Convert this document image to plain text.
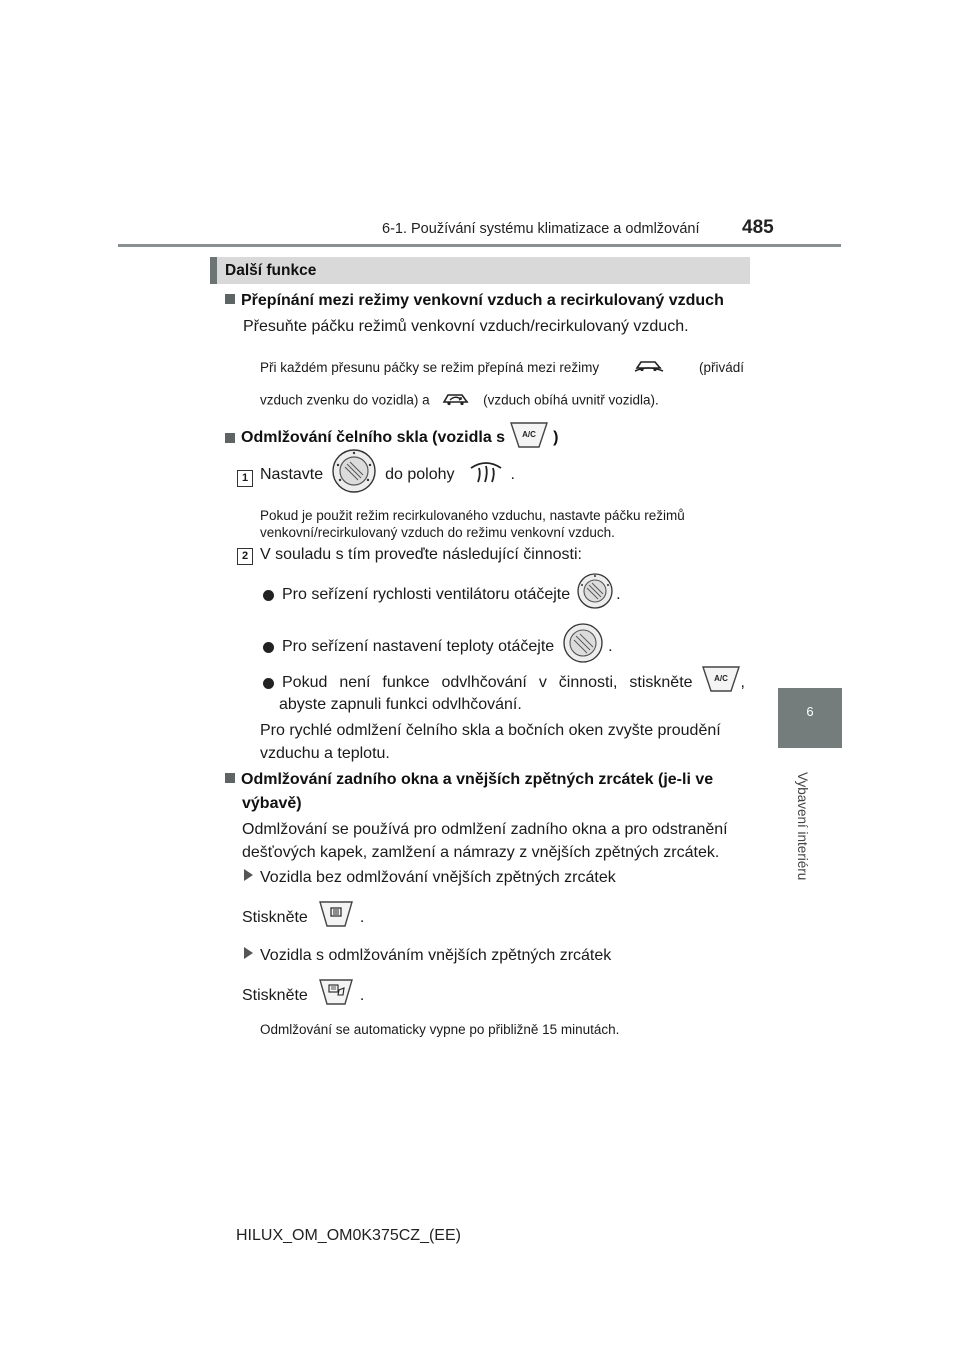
6-1. Používání systému klimatizace a odmlžování 485
6
Vybavení interiéru
Další funkce
Přepínání mezi režimy venkovní vzduch a recirkulovaný vzduch
Přesuňte páčku režimů venkovní vzduch/recirkulovaný vzduch.
Při každém přesunu páčky se režim přepíná mezi režimy	(přivádí
vzduch zvenku do vozidla) a	(vzduch obíhá uvnitř vozidla).
Odmlžování čelního skla (vozidla s A/C )
1 Nastavte	do polohy	.
Pokud je použit režim recirkulovaného vzduchu, nastavte páčku režimů
venkovní/recirkulovaný vzduch do režimu venkovní vzduch.
2 V souladu s tím proveďte následující činnosti:
Pro seřízení rychlosti ventilátoru otáčejte	.
Pro seřízení nastavení teploty otáčejte	.
Pokud není funkce odvlhčování v činnosti, stiskněte	A/C ,
abyste zapnuli funkci odvlhčování.
Pro rychlé odmlžení čelního skla a bočních oken zvyšte proudění
vzduchu a teplotu.
Odmlžování zadního okna a vnějších zpětných zrcátek (je-li ve
výbavě)
Odmlžování se používá pro odmlžení zadního okna a pro odstranění
dešťových kapek, zamlžení a námrazy z vnějších zpětných zrcátek.
Vozidla bez odmlžování vnějších zpětných zrcátek
Stiskněte	.
Vozidla s odmlžováním vnějších zpětných zrcátek
Stiskněte	.
Odmlžování se automaticky vypne po přibližně 15 minutách.
HILUX_OM_OM0K375CZ_(EE)
